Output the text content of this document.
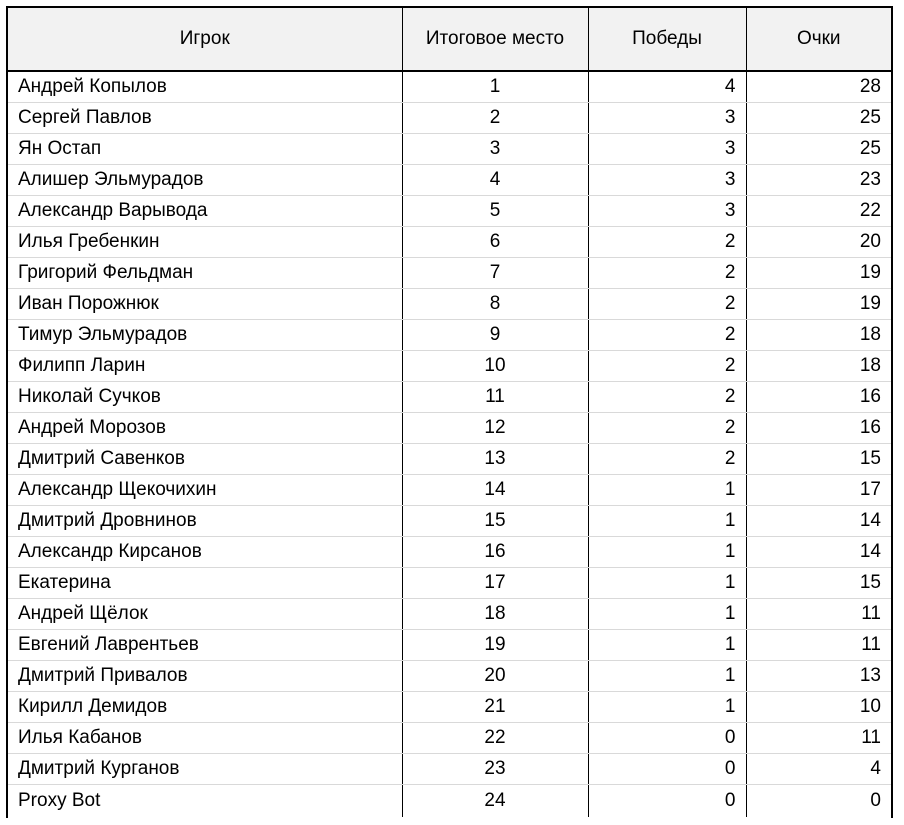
Игрок	Итоговое место	Победы	Очки
Андрей Копылов	1	4	28
Сергей Павлов	2	3	25
Ян Остап	3	3	25
Алишер Эльмурадов	4	3	23
Александр Варывода	5	3	22
Илья Гребенкин	6	2	20
Григорий Фельдман	7	2	19
Иван Порожнюк	8	2	19
Тимур Эльмурадов	9	2	18
Филипп Ларин	10	2	18
Николай Сучков	11	2	16
Андрей Морозов	12	2	16
Дмитрий Савенков	13	2	15
Александр Щекочихин	14	1	17
Дмитрий Дровнинов	15	1	14
Александр Кирсанов	16	1	14
Екатерина	17	1	15
Андрей Щёлок	18	1	11
Евгений Лаврентьев	19	1	11
Дмитрий Привалов	20	1	13
Кирилл Демидов	21	1	10
Илья Кабанов	22	0	11
Дмитрий Курганов	23	0	4
Proxy Bot	24	0	0
